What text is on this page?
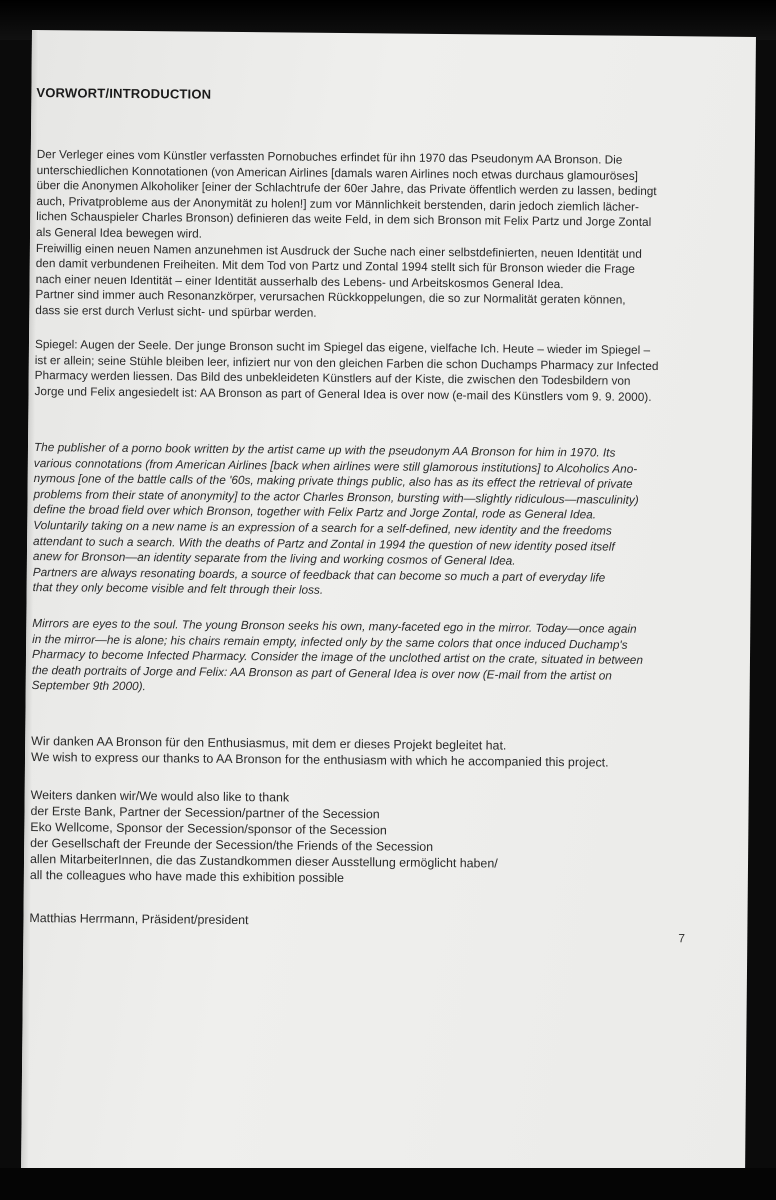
VORWORT/INTRODUCTION

Der Verleger eines vom Künstler verfassten Pornobuches erfindet für ihn 1970 das Pseudonym AA Bronson. Die

unterschiedlichen Konnotationen (von American Airlines [damals waren Airlines noch etwas durchaus glamouröses]

über die Anonymen Alkoholiker [einer der Schlachtrufe der 60er Jahre, das Private öffentlich werden zu lassen, bedingt

auch, Privatprobleme aus der Anonymität zu holen!] zum vor Männlichkeit berstenden, darin jedoch ziemlich lächer-

lichen Schauspieler Charles Bronson) definieren das weite Feld, in dem sich Bronson mit Felix Partz und Jorge Zontal

als General Idea bewegen wird.

Freiwillig einen neuen Namen anzunehmen ist Ausdruck der Suche nach einer selbstdefinierten, neuen Identität und

den damit verbundenen Freiheiten. Mit dem Tod von Partz und Zontal 1994 stellt sich für Bronson wieder die Frage

nach einer neuen Identität – einer Identität ausserhalb des Lebens- und Arbeitskosmos General Idea.

Partner sind immer auch Resonanzkörper, verursachen Rückkoppelungen, die so zur Normalität geraten können,

dass sie erst durch Verlust sicht- und spürbar werden.

Spiegel: Augen der Seele. Der junge Bronson sucht im Spiegel das eigene, vielfache Ich. Heute – wieder im Spiegel –

ist er allein; seine Stühle bleiben leer, infiziert nur von den gleichen Farben die schon Duchamps Pharmacy zur Infected

Pharmacy werden liessen. Das Bild des unbekleideten Künstlers auf der Kiste, die zwischen den Todesbildern von

Jorge und Felix angesiedelt ist: AA Bronson as part of General Idea is over now (e-mail des Künstlers vom 9. 9. 2000).

The publisher of a porno book written by the artist came up with the pseudonym AA Bronson for him in 1970. Its

various connotations (from American Airlines [back when airlines were still glamorous institutions] to Alcoholics Ano-

nymous [one of the battle calls of the '60s, making private things public, also has as its effect the retrieval of private

problems from their state of anonymity] to the actor Charles Bronson, bursting with—slightly ridiculous—masculinity)

define the broad field over which Bronson, together with Felix Partz and Jorge Zontal, rode as General Idea.

Voluntarily taking on a new name is an expression of a search for a self-defined, new identity and the freedoms

attendant to such a search. With the deaths of Partz and Zontal in 1994 the question of new identity posed itself

anew for Bronson—an identity separate from the living and working cosmos of General Idea.

Partners are always resonating boards, a source of feedback that can become so much a part of everyday life

that they only become visible and felt through their loss.

Mirrors are eyes to the soul. The young Bronson seeks his own, many-faceted ego in the mirror. Today—once again

in the mirror—he is alone; his chairs remain empty, infected only by the same colors that once induced Duchamp's

Pharmacy to become Infected Pharmacy. Consider the image of the unclothed artist on the crate, situated in between

the death portraits of Jorge and Felix: AA Bronson as part of General Idea is over now (E-mail from the artist on

September 9th 2000).

Wir danken AA Bronson für den Enthusiasmus, mit dem er dieses Projekt begleitet hat.

We wish to express our thanks to AA Bronson for the enthusiasm with which he accompanied this project.

Weiters danken wir/We would also like to thank

der Erste Bank, Partner der Secession/partner of the Secession

Eko Wellcome, Sponsor der Secession/sponsor of the Secession

der Gesellschaft der Freunde der Secession/the Friends of the Secession

allen MitarbeiterInnen, die das Zustandkommen dieser Ausstellung ermöglicht haben/

all the colleagues who have made this exhibition possible

Matthias Herrmann, Präsident/president
7
